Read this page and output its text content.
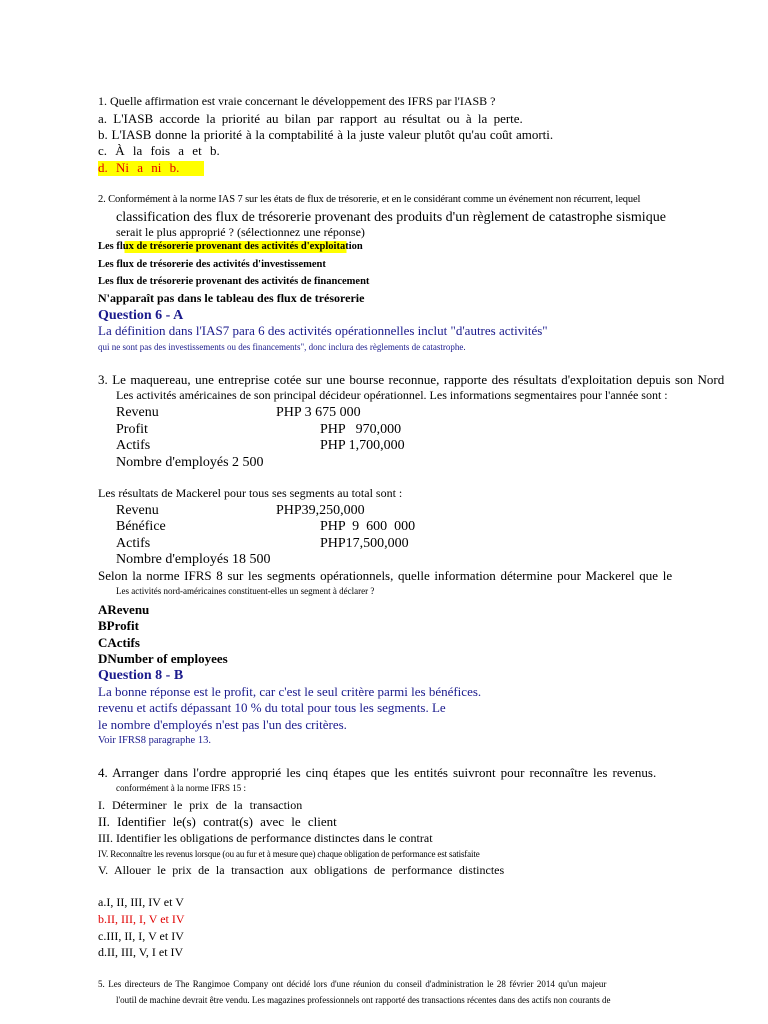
1. Quelle affirmation est vraie concernant le développement des IFRS par l'IASB ?
a. L'IASB accorde la priorité au bilan par rapport au résultat ou à la perte.
b. L'IASB donne la priorité à la comptabilité à la juste valeur plutôt qu'au coût amorti.
c. À la fois a et b.
d. Ni a ni b.
2. Conformément à la norme IAS 7 sur les états de flux de trésorerie, et en le considérant comme un événement non récurrent, lequel
classification des flux de trésorerie provenant des produits d'un règlement de catastrophe sismique
serait le plus approprié ? (sélectionnez une réponse)
Les flux de trésorerie provenant des activités d'exploitation
Les flux de trésorerie des activités d'investissement
Les flux de trésorerie provenant des activités de financement
N'apparaît pas dans le tableau des flux de trésorerie
Question 6 - A
La définition dans l'IAS7 para 6 des activités opérationnelles inclut "d'autres activités"
qui ne sont pas des investissements ou des financements", donc inclura des règlements de catastrophe.
3. Le maquereau, une entreprise cotée sur une bourse reconnue, rapporte des résultats d'exploitation depuis son Nord
Les activités américaines de son principal décideur opérationnel. Les informations segmentaires pour l'année sont :
Revenu	PHP 3 675 000
Profit	PHP   970,000
Actifs	PHP 1,700,000
Nombre d'employés 2 500
Les résultats de Mackerel pour tous ses segments au total sont :
Revenu	PHP39,250,000
Bénéfice	PHP  9  600  000
Actifs	PHP17,500,000
Nombre d'employés 18 500
Selon la norme IFRS 8 sur les segments opérationnels, quelle information détermine pour Mackerel que le
Les activités nord-américaines constituent-elles un segment à déclarer ?
ARevenu
BProfit
CActifs
DNumber of employees
Question 8 - B
La bonne réponse est le profit, car c'est le seul critère parmi les bénéfices.
revenu et actifs dépassant 10 % du total pour tous les segments. Le
le nombre d'employés n'est pas l'un des critères.
Voir IFRS8 paragraphe 13.
4. Arranger dans l'ordre approprié les cinq étapes que les entités suivront pour reconnaître les revenus.
conformément à la norme IFRS 15 :
I. Déterminer le prix de la transaction
II. Identifier le(s) contrat(s) avec le client
III. Identifier les obligations de performance distinctes dans le contrat
IV. Reconnaître les revenus lorsque (ou au fur et à mesure que) chaque obligation de performance est satisfaite
V. Allouer le prix de la transaction aux obligations de performance distinctes
a.I, II, III, IV et V
b.II, III, I, V et IV
c.III, II, I, V et IV
d.II, III, V, I et IV
5. Les directeurs de The Rangimoe Company ont décidé lors d'une réunion du conseil d'administration le 28 février 2014 qu'un majeur
l'outil de machine devrait être vendu. Les magazines professionnels ont rapporté des transactions récentes dans des actifs non courants de
